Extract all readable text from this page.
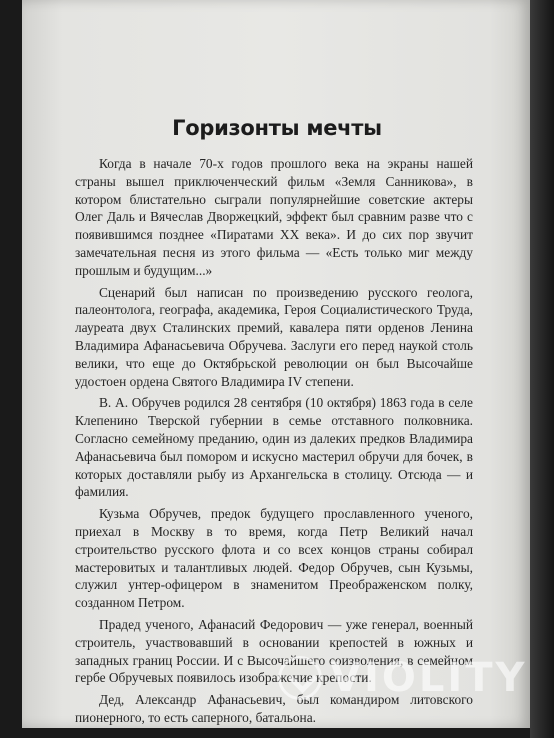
Горизонты мечты

Когда в начале 70-х годов прошлого века на экраны нашей страны вышел приключенческий фильм «Земля Санникова», в котором блистательно сыграли популярнейшие советские актеры Олег Даль и Вячеслав Дворжецкий, эффект был сравним разве что с появившимся позднее «Пиратами XX века». И до сих пор звучит замечательная песня из этого фильма — «Есть только миг между прошлым и будущим...»

Сценарий был написан по произведению русского геолога, палеонтолога, географа, академика, Героя Социалистического Труда, лауреата двух Сталинских премий, кавалера пяти орденов Ленина Владимира Афанасьевича Обручева. Заслуги его перед наукой столь велики, что еще до Октябрьской революции он был Высочайше удостоен ордена Святого Владимира IV степени.

В. А. Обручев родился 28 сентября (10 октября) 1863 года в селе Клепенино Тверской губернии в семье отставного полковника. Согласно семейному преданию, один из далеких предков Владимира Афанасьевича был помором и искусно мастерил обручи для бочек, в которых доставляли рыбу из Архангельска в столицу. Отсюда — и фамилия.

Кузьма Обручев, предок будущего прославленного ученого, приехал в Москву в то время, когда Петр Великий начал строительство русского флота и со всех концов страны собирал мастеровитых и талантливых людей. Федор Обручев, сын Кузьмы, служил унтер-офицером в знаменитом Преображенском полку, созданном Петром.

Прадед ученого, Афанасий Федорович — уже генерал, военный строитель, участвовавший в основании крепостей в южных и западных границ России. И с Высочайшего соизволения, в семейном гербе Обручевых появилось изображение крепости.

Дед, Александр Афанасьевич, был командиром литовского пионерного, то есть саперного, батальона.

VIOLITY
